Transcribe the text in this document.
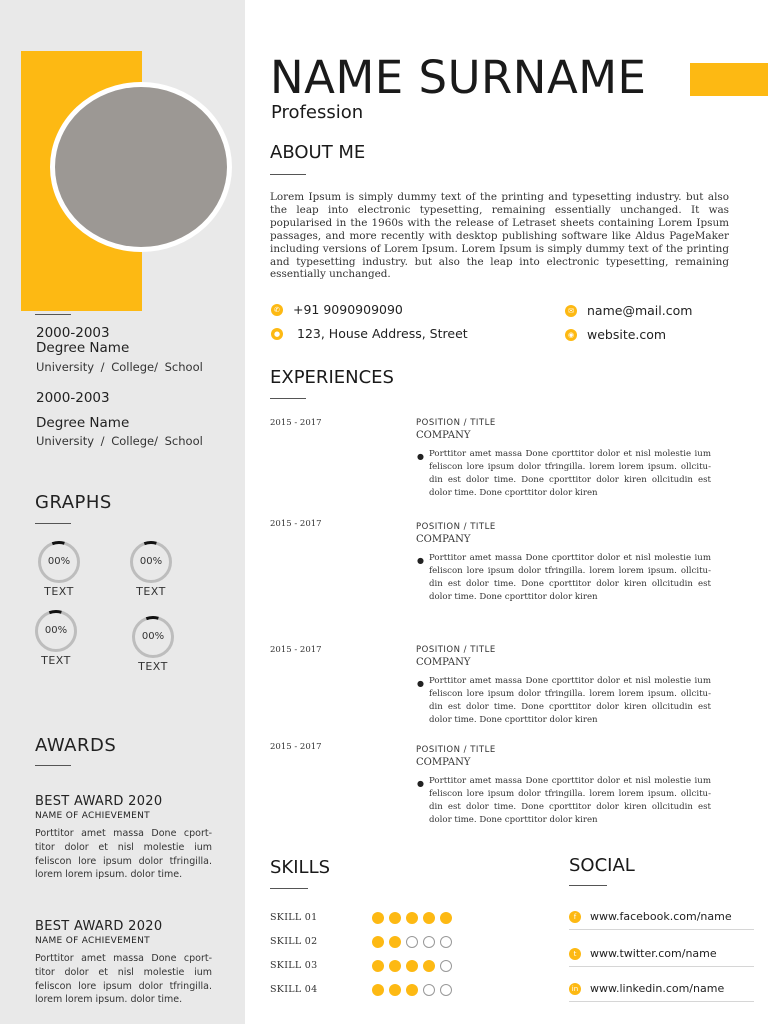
2000-2003
Degree Name
University / College/ School
2000-2003
Degree Name
University / College/ School
GRAPHS
00%
TEXT
00%
TEXT
00%
TEXT
00%
TEXT
AWARDS
BEST AWARD 2020
NAME OF ACHIEVEMENT
Porttitor amet massa Done cport-titor dolor et nisl molestie ium feliscon lore ipsum dolor tfringilla. lorem lorem ipsum. dolor time.
BEST AWARD 2020
NAME OF ACHIEVEMENT
Porttitor amet massa Done cport-titor dolor et nisl molestie ium feliscon lore ipsum dolor tfringilla. lorem lorem ipsum. dolor time.
NAME SURNAME
Profession
ABOUT ME
Lorem Ipsum is simply dummy text of the printing and typesetting industry. but also the leap into electronic typesetting, remaining essentially unchanged. It was popularised in the 1960s with the release of Letraset sheets containing Lorem Ipsum passages, and more recently with desktop publishing software like Aldus PageMaker including versions of Lorem Ipsum. Lorem Ipsum is simply dummy text of the printing and typesetting industry. but also the leap into electronic typesetting, remaining essentially unchanged.
✆ +91 9090909090
● 123, House Address, Street
✉ name@mail.com
◉ website.com
EXPERIENCES
2015 - 2017	POSITION / TITLE
COMPANY
● Porttitor amet massa Done cporttitor dolor et nisl molestie ium feliscon lore ipsum dolor tfringilla. lorem lorem ipsum. ollcitu- din est dolor time. Done cporttitor dolor kiren ollcitudin est dolor time. Done cporttitor dolor kiren
2015 - 2017	POSITION / TITLE
COMPANY
● Porttitor amet massa Done cporttitor dolor et nisl molestie ium feliscon lore ipsum dolor tfringilla. lorem lorem ipsum. ollcitu- din est dolor time. Done cporttitor dolor kiren ollcitudin est dolor time. Done cporttitor dolor kiren
2015 - 2017	POSITION / TITLE
COMPANY
● Porttitor amet massa Done cporttitor dolor et nisl molestie ium feliscon lore ipsum dolor tfringilla. lorem lorem ipsum. ollcitu- din est dolor time. Done cporttitor dolor kiren ollcitudin est dolor time. Done cporttitor dolor kiren
2015 - 2017	POSITION / TITLE
COMPANY
● Porttitor amet massa Done cporttitor dolor et nisl molestie ium feliscon lore ipsum dolor tfringilla. lorem lorem ipsum. ollcitu- din est dolor time. Done cporttitor dolor kiren ollcitudin est dolor time. Done cporttitor dolor kiren
SKILLS
SKILL 01
SKILL 02
SKILL 03
SKILL 04
SOCIAL
f	www.facebook.com/name
t	www.twitter.com/name
in www.linkedin.com/name
